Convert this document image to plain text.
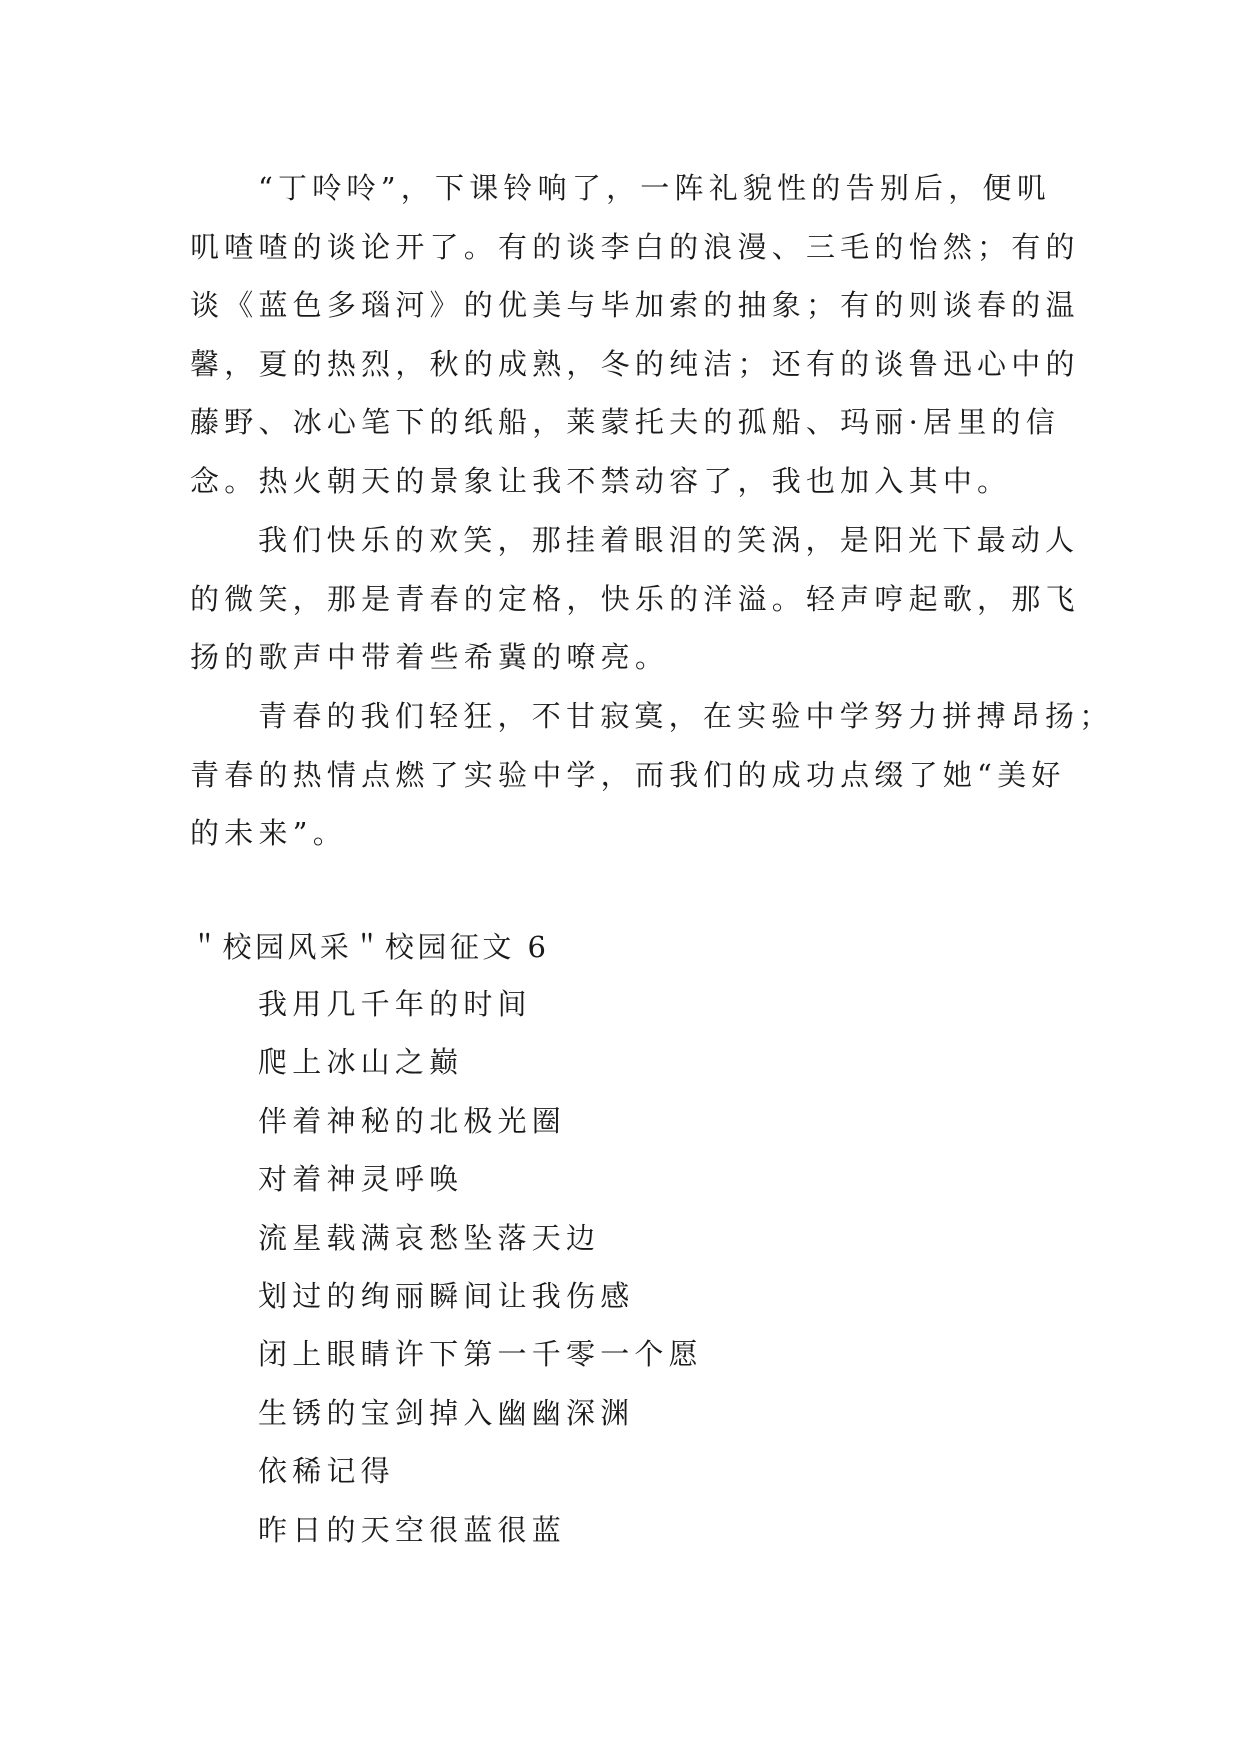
“丁呤呤”，下课铃响了，一阵礼貌性的告别后，便叽

叽喳喳的谈论开了。有的谈李白的浪漫、三毛的怡然；有的

谈《蓝色多瑙河》的优美与毕加索的抽象；有的则谈春的温

馨，夏的热烈，秋的成熟，冬的纯洁；还有的谈鲁迅心中的

藤野、冰心笔下的纸船，莱蒙托夫的孤船、玛丽·居里的信

念。热火朝天的景象让我不禁动容了，我也加入其中。

我们快乐的欢笑，那挂着眼泪的笑涡，是阳光下最动人

的微笑，那是青春的定格，快乐的洋溢。轻声哼起歌，那飞

扬的歌声中带着些希冀的嘹亮。

青春的我们轻狂，不甘寂寞，在实验中学努力拼搏昂扬；

青春的热情点燃了实验中学，而我们的成功点缀了她“美好

的未来”。

＂校园风采＂校园征文 6

我用几千年的时间

爬上冰山之巅

伴着神秘的北极光圈

对着神灵呼唤

流星载满哀愁坠落天边

划过的绚丽瞬间让我伤感

闭上眼睛许下第一千零一个愿

生锈的宝剑掉入幽幽深渊

依稀记得

昨日的天空很蓝很蓝
